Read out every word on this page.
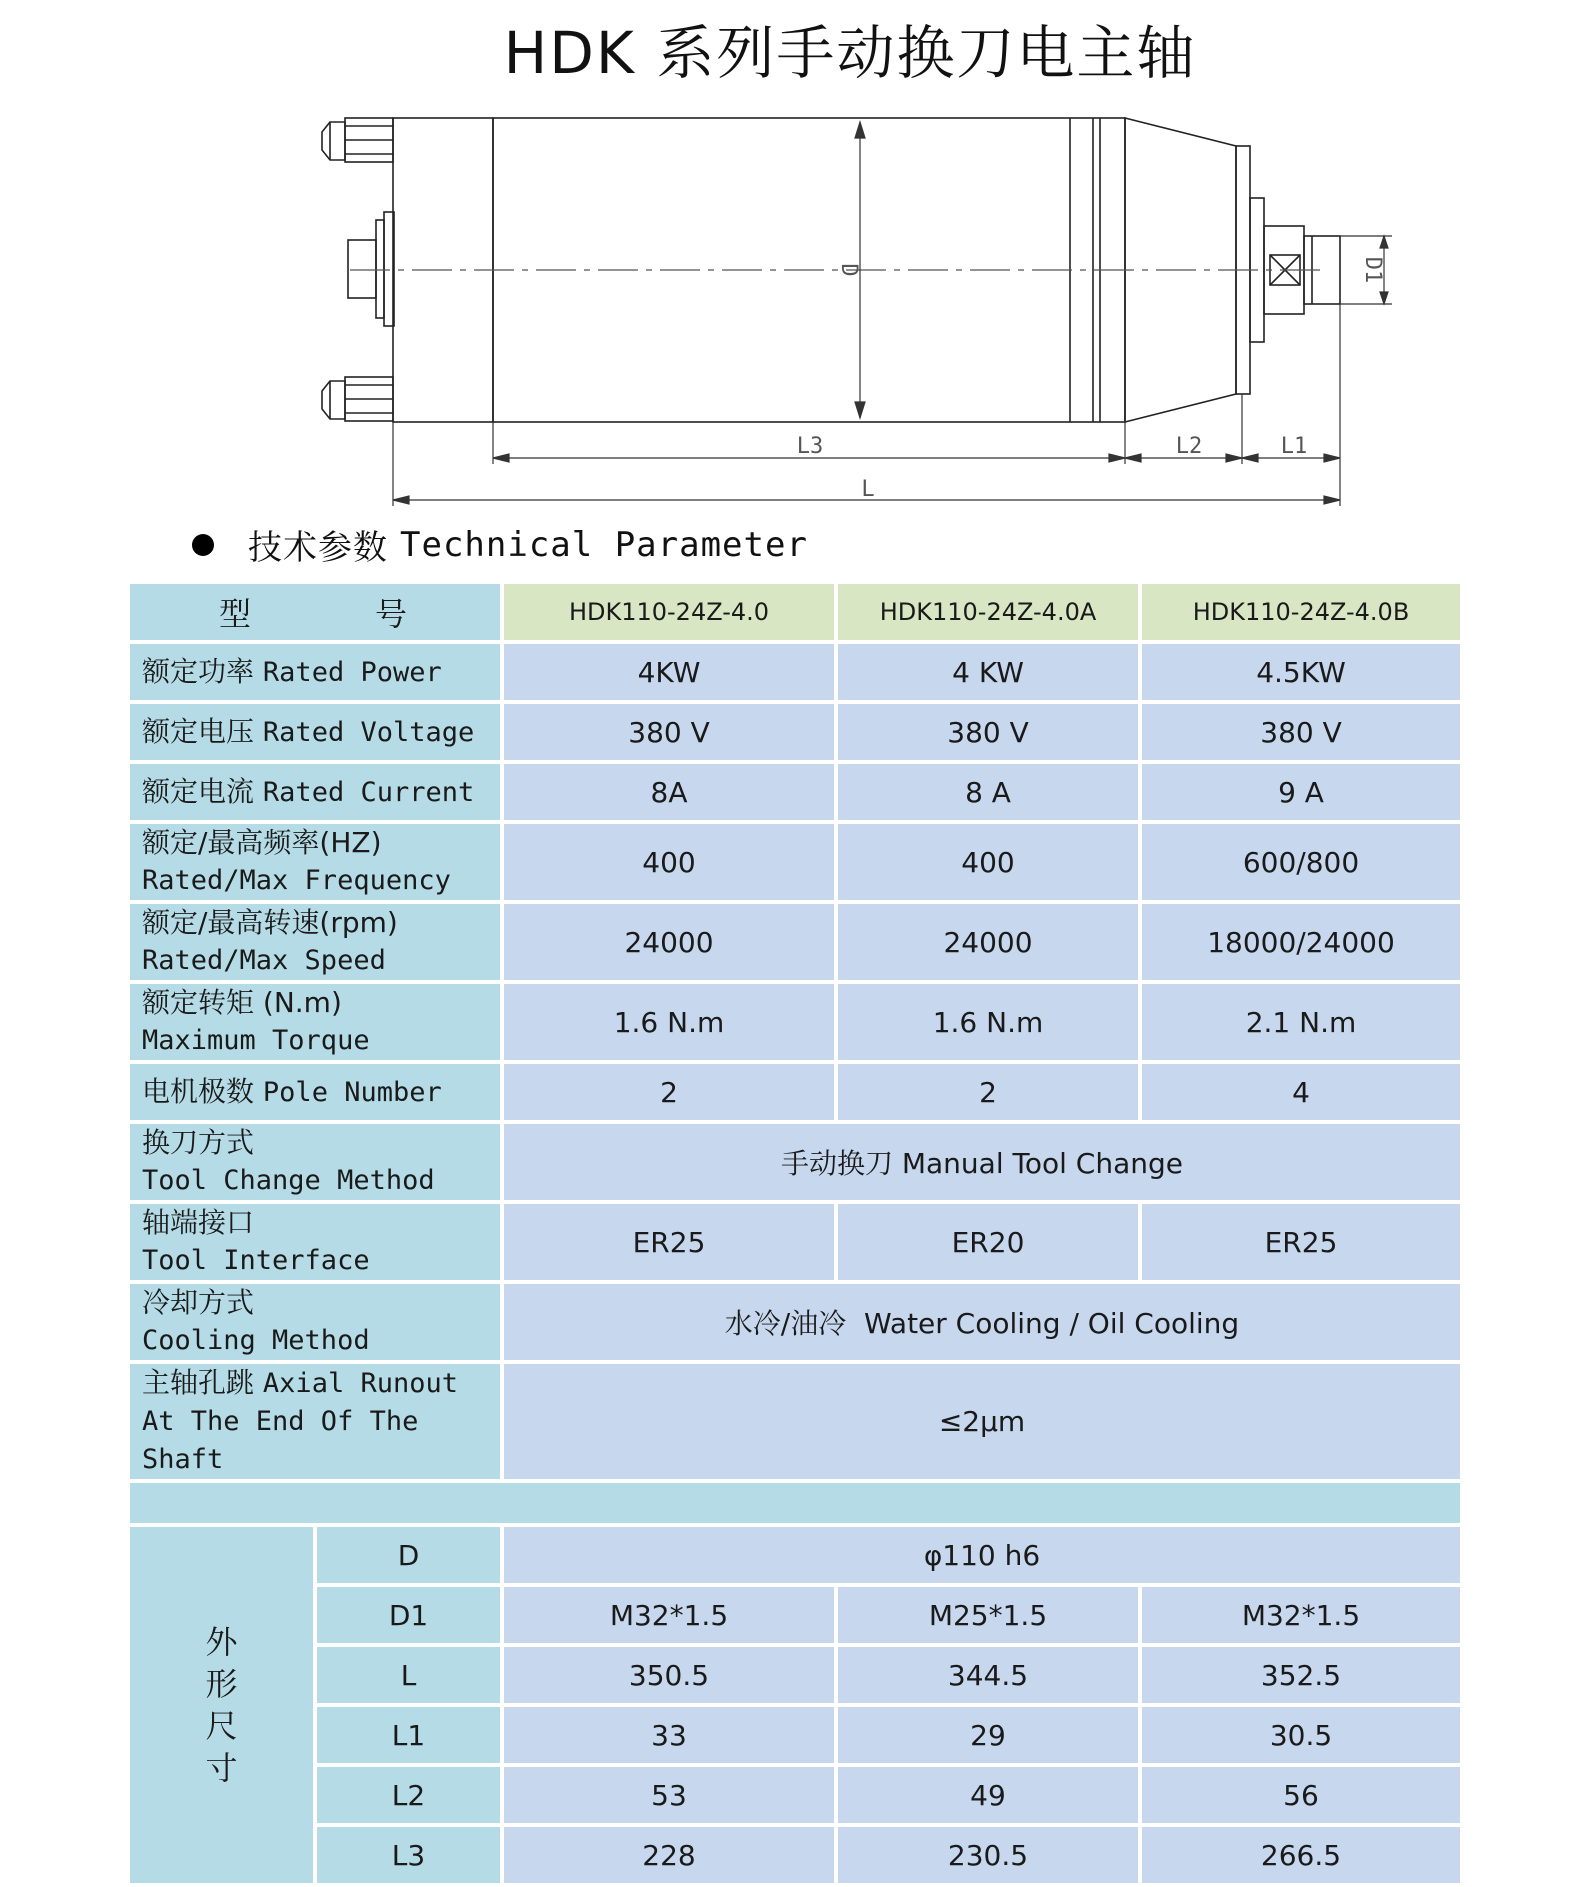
HDK 系列手动换刀电主轴
D	D1
L3	L2	L1
L
技术参数 Technical Parameter
型 号		HDK110-24Z-4.0	HDK110-24Z-4.0A	HDK110-24Z-4.0B
额定功率 Rated Power		4KW	4 KW	4.5KW
额定电压 Rated Voltage		380 V	380 V	380 V
额定电流 Rated Current		8A	8 A	9 A

额定/最高频率(HZ)
Rated/Max Frequency		400	400	600/800

额定/最高转速(rpm)
Rated/Max Speed		24000	24000	18000/24000

额定转矩 (N.m)
Maximum Torque		1.6 N.m	1.6 N.m	2.1 N.m
电机极数 Pole Number		2	2	4

换刀方式
Tool Change Method		手动换刀 Manual Tool Change		

轴端接口
Tool Interface		ER25	ER20	ER25

冷却方式
Cooling Method		水冷/油冷  Water Cooling / Oil Cooling		

主轴孔跳 Axial Runout
At The End Of The Shaft		≤2μm		

外
形
尺
寸	D	φ110 h6		
	D1	M32*1.5	M25*1.5	M32*1.5
	L	350.5	344.5	352.5
	L1	33	29	30.5
	L2	53	49	56
	L3	228	230.5	266.5
